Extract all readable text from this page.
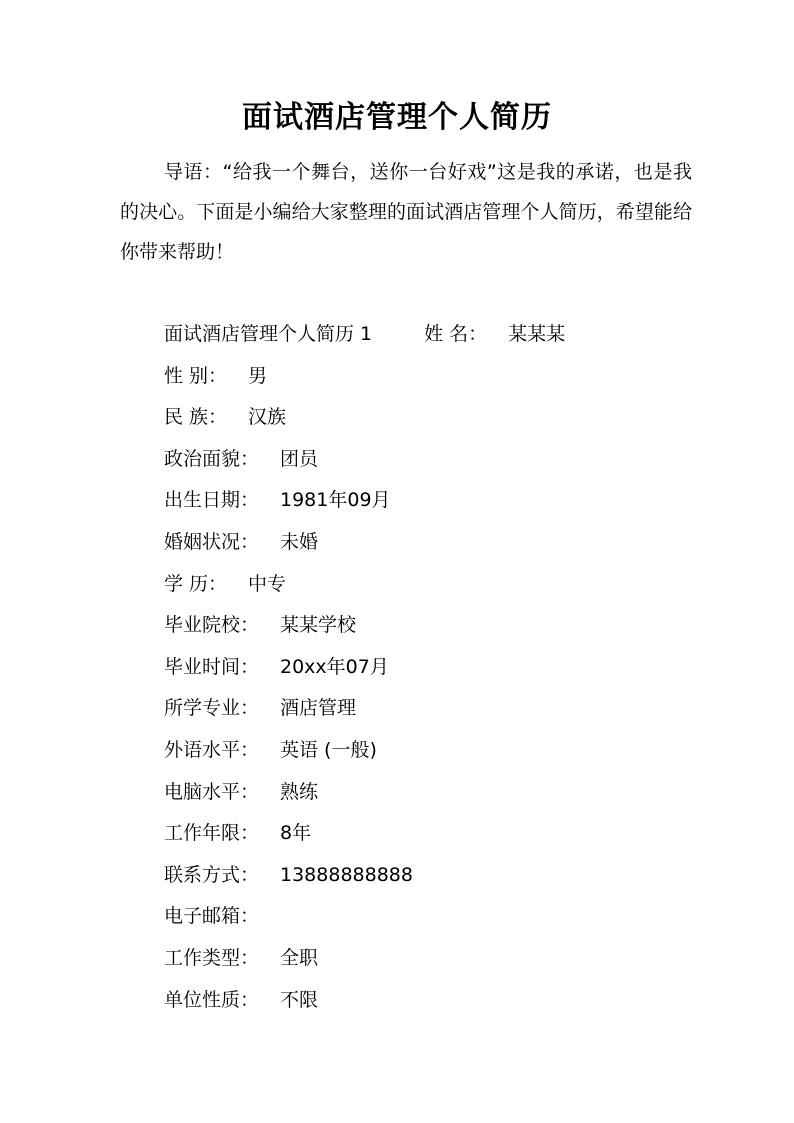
面试酒店管理个人简历
导语：“给我一个舞台，送你一台好戏”这是我的承诺，也是我的决心。下面是小编给大家整理的面试酒店管理个人简历，希望能给你带来帮助！
面试酒店管理个人简历 1	姓 名： 某某某
性 别： 男
民 族： 汉族
政治面貌： 团员
出生日期： 1981年09月
婚姻状况： 未婚
学 历： 中专
毕业院校： 某某学校
毕业时间： 20xx年07月
所学专业： 酒店管理
外语水平： 英语 (一般)
电脑水平： 熟练
工作年限： 8年
联系方式： 13888888888
电子邮箱：
工作类型： 全职
单位性质： 不限
